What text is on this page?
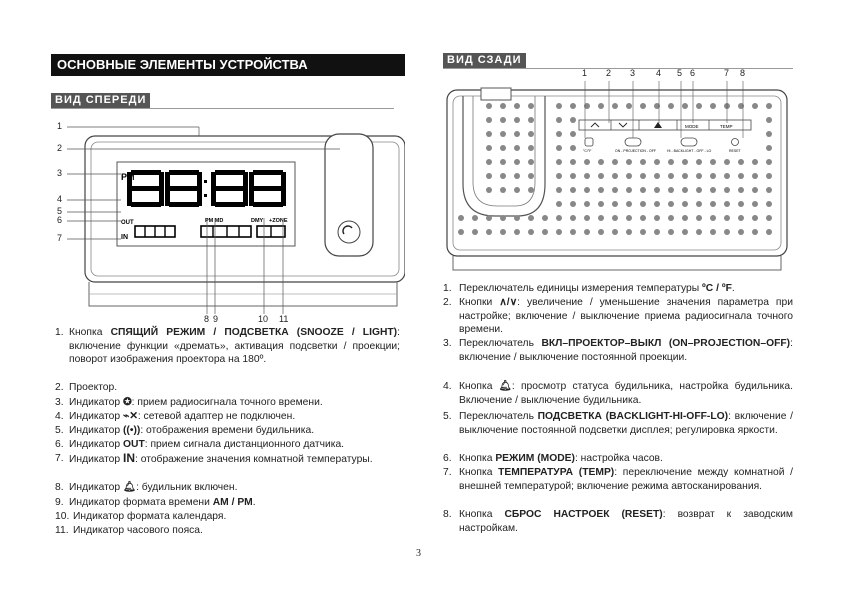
ОСНОВНЫЕ ЭЛЕМЕНТЫ УСТРОЙСТВА
ВИД СПЕРЕДИ
PM
OUT
IN
PM MD	DMY +ZONE
1
2
3
4
5
6
7
8 9	10 11
1. Кнопка СПЯЩИЙ РЕЖИМ / ПОДСВЕТКА (SNOOZE / LIGHT): включение функции «дремать», активация подсветки / проекции; поворот изображения проектора на 180º.
2. Проектор.
3. Индикатор ✪: прием радиосигнала точного времени.
4. Индикатор ⌁✕: сетевой адаптер не подключен.
5. Индикатор ((•)): отображения времени будильника.
6. Индикатор OUT: прием сигнала дистанционного датчика.
7. Индикатор IN: отображение значения комнатной температуры.
8. Индикатор 🔔︎: будильник включен.
9. Индикатор формата времени AM / PM.
10. Индикатор формата календаря.
11. Индикатор часового пояса.
ВИД СЗАДИ
MODE	TEMP
°C/°F	ON - PROJECTION - OFF	HI - BACKLIGHT - OFF - LO	RESET
1 2 3 4 5 6	7 8
1. Переключатель единицы измерения температуры ºC / ºF.
2. Кнопки ∧/∨: увеличение / уменьшение значения параметра при настройке; включение / выключение приема радиосигнала точного времени.
3. Переключатель ВКЛ–ПРОЕКТОР–ВЫКЛ (ON–PROJECTION–OFF): включение / выключение постоянной проекции.
4. Кнопка 🔔︎: просмотр статуса будильника, настройка будильника. Включение / выключение будильника.
5. Переключатель ПОДСВЕТКА (BACKLIGHT-HI-OFF-LO): включение / выключение постоянной подсветки дисплея; регулировка яркости.
6. Кнопка РЕЖИМ (MODE): настройка часов.
7. Кнопка ТЕМПЕРАТУРА (TEMP): переключение между комнатной / внешней температурой; включение режима автосканирования.
8. Кнопка СБРОС НАСТРОЕК (RESET): возврат к заводским настройкам.
3
